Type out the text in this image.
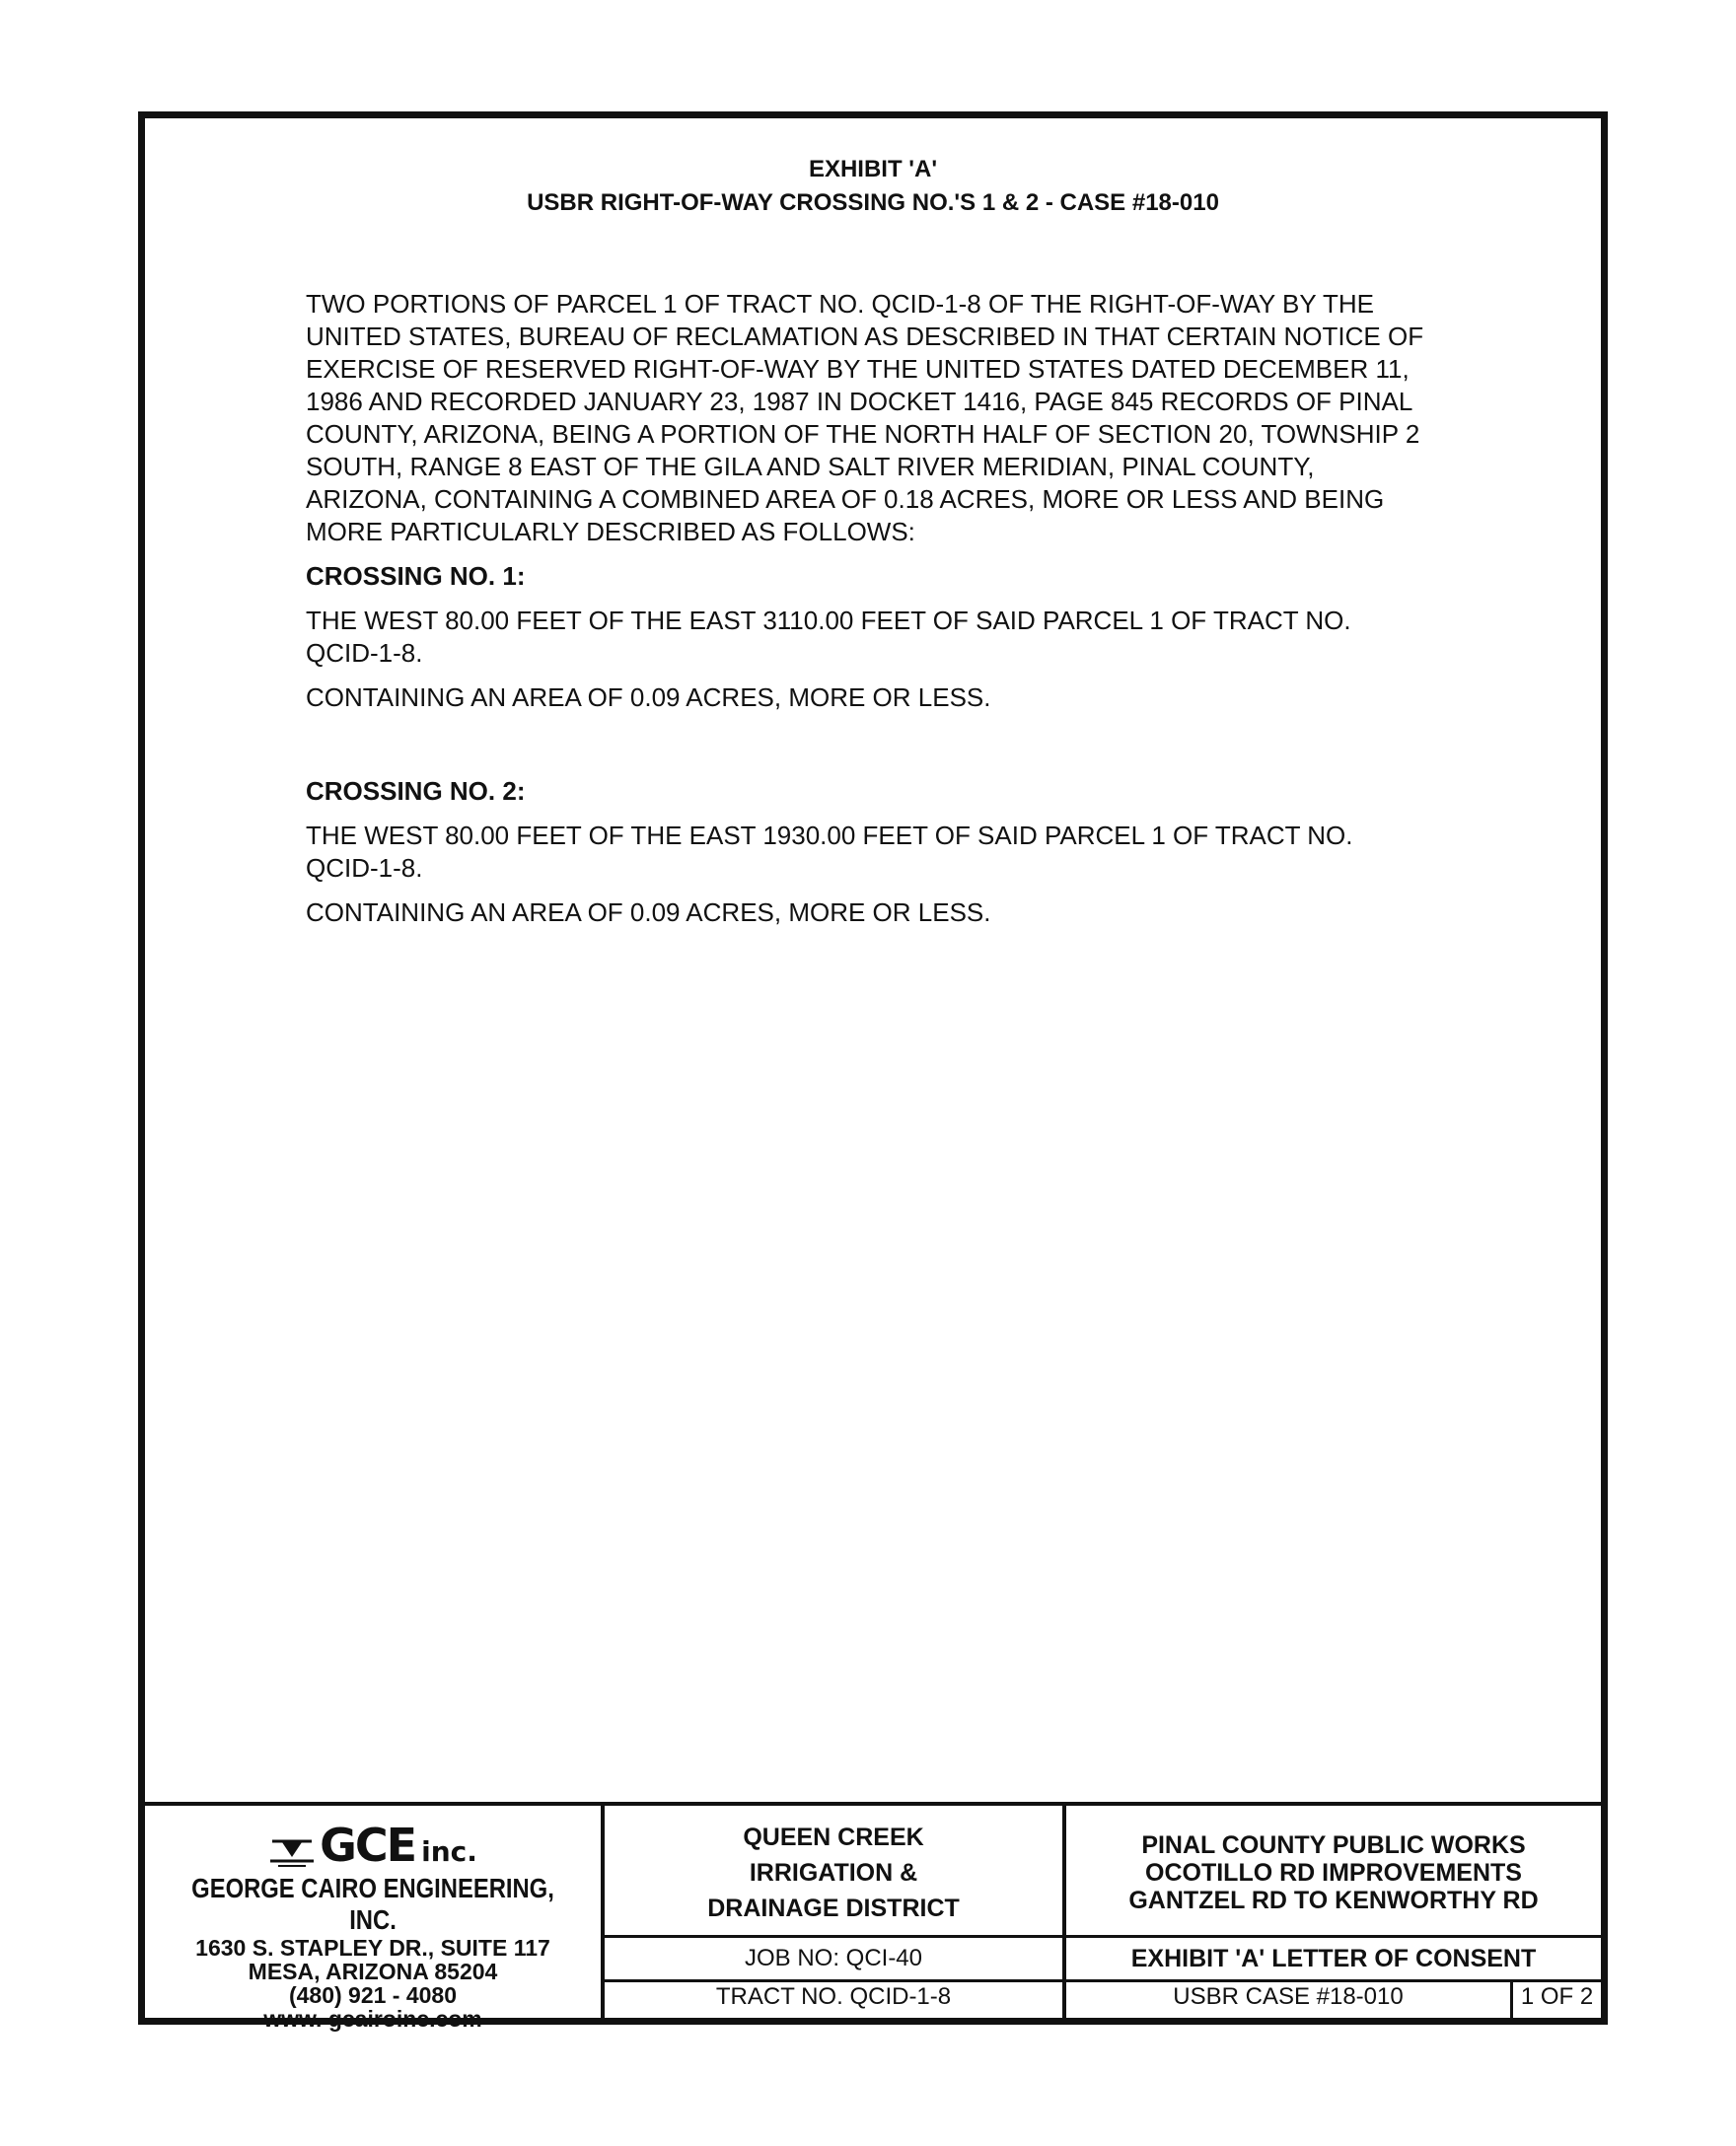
EXHIBIT 'A'
USBR RIGHT-OF-WAY CROSSING NO.'S 1 & 2 - CASE #18-010

TWO PORTIONS OF PARCEL 1 OF TRACT NO. QCID-1-8 OF THE RIGHT-OF-WAY BY THE

UNITED STATES, BUREAU OF RECLAMATION AS DESCRIBED IN THAT CERTAIN NOTICE OF

EXERCISE OF RESERVED RIGHT-OF-WAY BY THE UNITED STATES DATED DECEMBER 11,

1986 AND RECORDED JANUARY 23, 1987 IN DOCKET 1416, PAGE 845 RECORDS OF PINAL

COUNTY, ARIZONA, BEING A PORTION OF THE NORTH HALF OF SECTION 20, TOWNSHIP 2

SOUTH, RANGE 8 EAST OF THE GILA AND SALT RIVER MERIDIAN, PINAL COUNTY,

ARIZONA, CONTAINING A COMBINED AREA OF 0.18 ACRES, MORE OR LESS AND BEING

MORE PARTICULARLY DESCRIBED AS FOLLOWS:

CROSSING NO. 1:

THE WEST 80.00 FEET OF THE EAST 3110.00 FEET OF SAID PARCEL 1 OF TRACT NO.

QCID-1-8.

CONTAINING AN AREA OF 0.09 ACRES, MORE OR LESS.

CROSSING NO. 2:

THE WEST 80.00 FEET OF THE EAST 1930.00 FEET OF SAID PARCEL 1 OF TRACT NO.

QCID-1-8.

CONTAINING AN AREA OF 0.09 ACRES, MORE OR LESS.

GCE inc.
GEORGE CAIRO ENGINEERING, INC.
1630 S. STAPLEY DR., SUITE 117
MESA, ARIZONA 85204
(480) 921 - 4080
www. gcairoinc.com
QUEEN CREEK
IRRIGATION &
DRAINAGE DISTRICT
JOB NO: QCI-40
TRACT NO. QCID-1-8
PINAL COUNTY PUBLIC WORKS
OCOTILLO RD IMPROVEMENTS
GANTZEL RD TO KENWORTHY RD
EXHIBIT 'A' LETTER OF CONSENT
USBR CASE #18-010	1 OF 2
